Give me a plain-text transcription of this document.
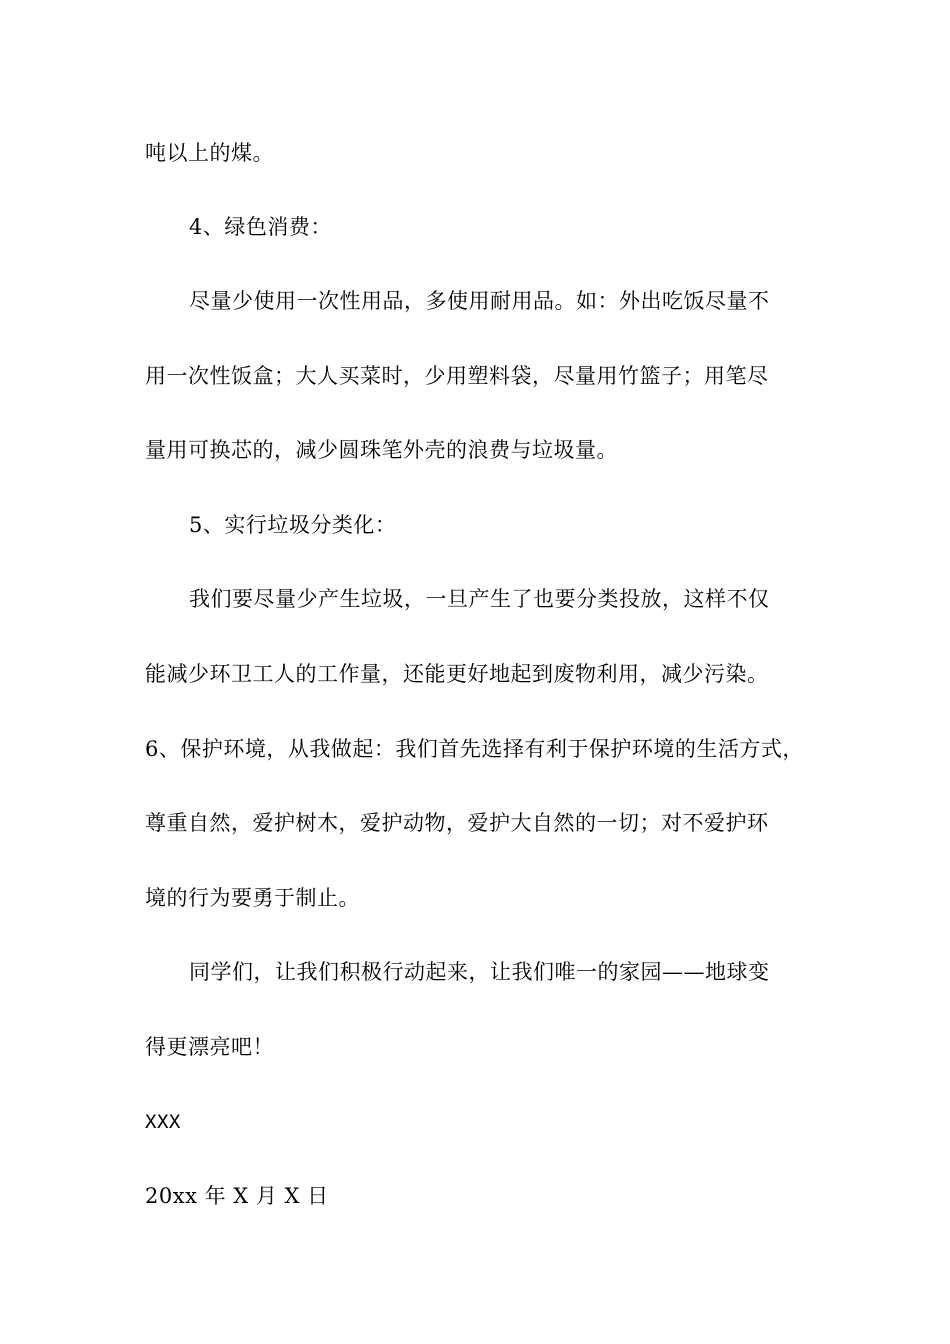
吨以上的煤。
4、绿色消费：
尽量少使用一次性用品，多使用耐用品。如：外出吃饭尽量不
用一次性饭盒；大人买菜时，少用塑料袋，尽量用竹篮子；用笔尽
量用可换芯的，减少圆珠笔外壳的浪费与垃圾量。
5、实行垃圾分类化：
我们要尽量少产生垃圾，一旦产生了也要分类投放，这样不仅
能减少环卫工人的工作量，还能更好地起到废物利用，减少污染。
6、保护环境，从我做起：我们首先选择有利于保护环境的生活方式，
尊重自然，爱护树木，爱护动物，爱护大自然的一切；对不爱护环
境的行为要勇于制止。
同学们，让我们积极行动起来，让我们唯一的家园——地球变
得更漂亮吧！
XXX
20xx 年 X 月 X 日
